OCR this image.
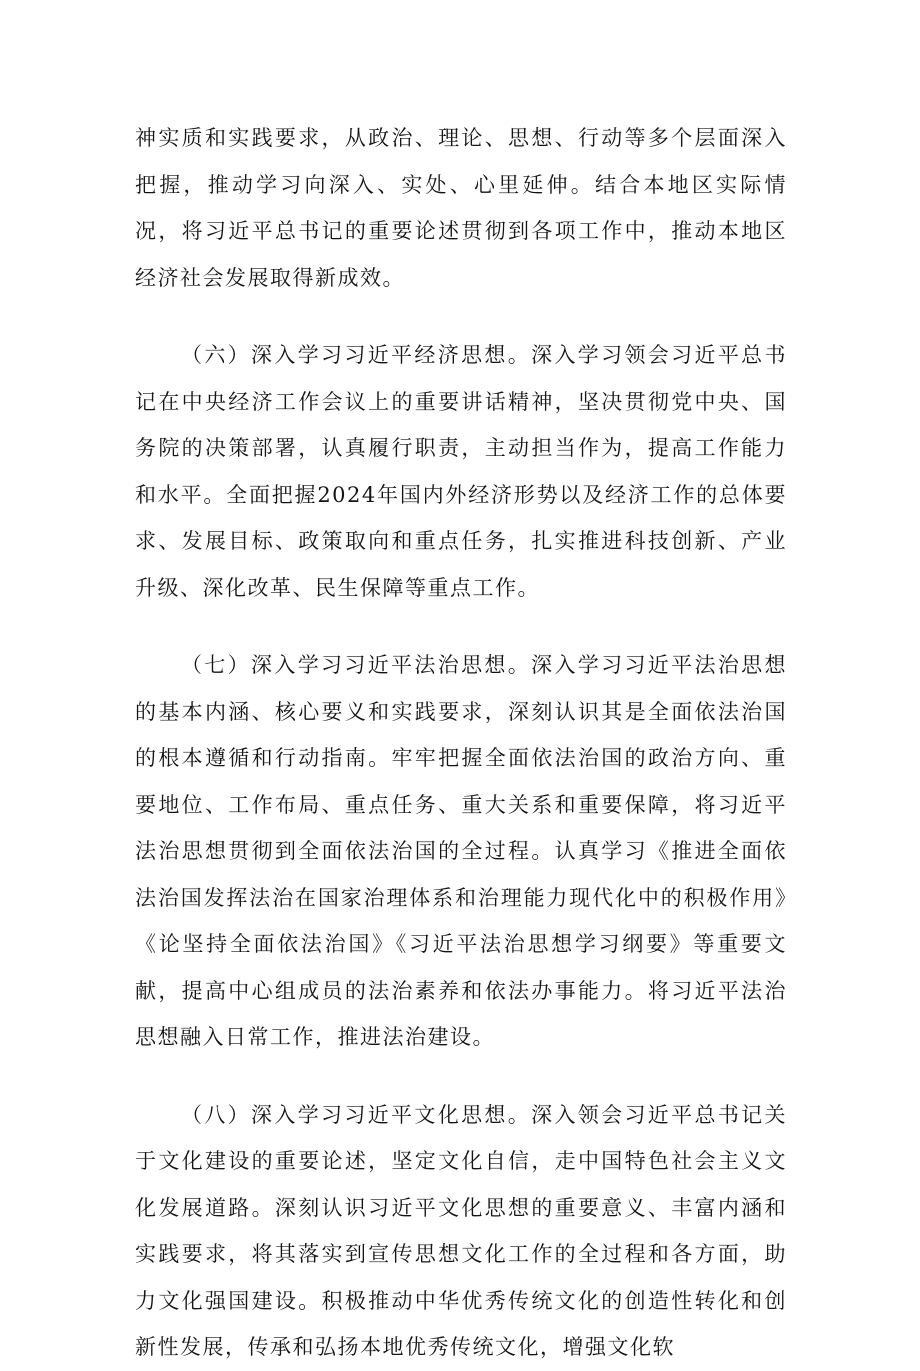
神实质和实践要求，从政治、理论、思想、行动等多个层面深入把握，推动学习向深入、实处、心里延伸。结合本地区实际情况，将习近平总书记的重要论述贯彻到各项工作中，推动本地区经济社会发展取得新成效。

（六）深入学习习近平经济思想。深入学习领会习近平总书记在中央经济工作会议上的重要讲话精神，坚决贯彻党中央、国务院的决策部署，认真履行职责，主动担当作为，提高工作能力和水平。全面把握2024年国内外经济形势以及经济工作的总体要求、发展目标、政策取向和重点任务，扎实推进科技创新、产业升级、深化改革、民生保障等重点工作。

（七）深入学习习近平法治思想。深入学习习近平法治思想的基本内涵、核心要义和实践要求，深刻认识其是全面依法治国的根本遵循和行动指南。牢牢把握全面依法治国的政治方向、重要地位、工作布局、重点任务、重大关系和重要保障，将习近平法治思想贯彻到全面依法治国的全过程。认真学习《推进全面依法治国发挥法治在国家治理体系和治理能力现代化中的积极作用》《论坚持全面依法治国》《习近平法治思想学习纲要》等重要文献，提高中心组成员的法治素养和依法办事能力。将习近平法治思想融入日常工作，推进法治建设。

（八）深入学习习近平文化思想。深入领会习近平总书记关于文化建设的重要论述，坚定文化自信，走中国特色社会主义文化发展道路。深刻认识习近平文化思想的重要意义、丰富内涵和实践要求，将其落实到宣传思想文化工作的全过程和各方面，助力文化强国建设。积极推动中华优秀传统文化的创造性转化和创新性发展，传承和弘扬本地优秀传统文化，增强文化软
